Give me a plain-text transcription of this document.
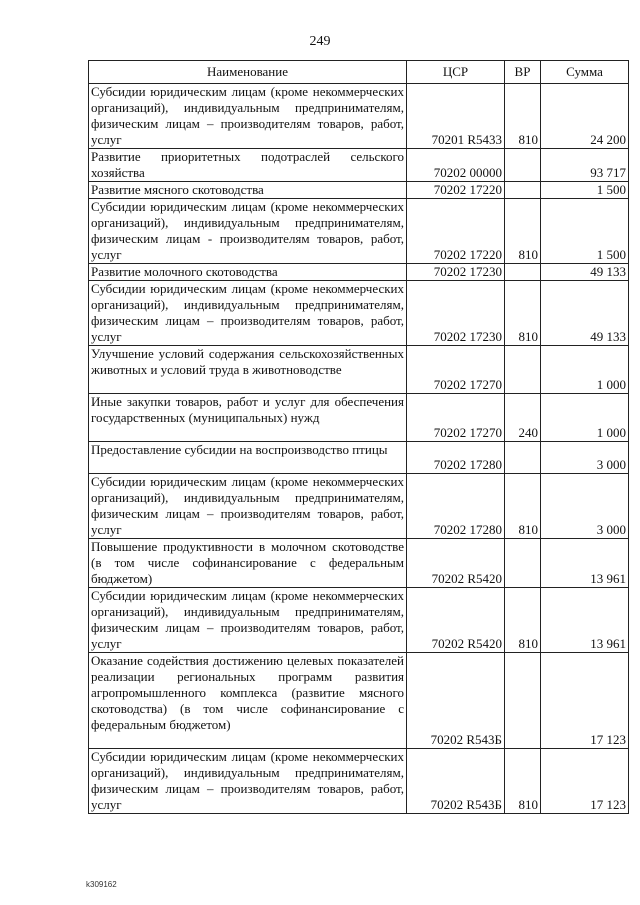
249
Наименование	ЦСР	ВР	Сумма
Субсидии юридическим лицам (кроме некоммерческих организаций), индивидуальным предпринимателям, физическим лицам – производителям товаров, работ, услуг	70201 R5433	810	24 200
Развитие приоритетных подотраслей сельского хозяйства	70202 00000		93 717
Развитие мясного скотоводства	70202 17220		1 500
Субсидии юридическим лицам (кроме некоммерческих организаций), индивидуальным предпринимателям, физическим лицам - производителям товаров, работ, услуг	70202 17220	810	1 500
Развитие молочного скотоводства	70202 17230		49 133
Субсидии юридическим лицам (кроме некоммерческих организаций), индивидуальным предпринимателям, физическим лицам – производителям товаров, работ, услуг	70202 17230	810	49 133
Улучшение условий содержания сельскохозяйственных животных и условий труда в животноводстве	70202 17270		1 000
Иные закупки товаров, работ и услуг для обеспечения государственных (муниципальных) нужд	70202 17270	240	1 000
Предоставление субсидии на воспроизводство птицы	70202 17280		3 000
Субсидии юридическим лицам (кроме некоммерческих организаций), индивидуальным предпринимателям, физическим лицам – производителям товаров, работ, услуг	70202 17280	810	3 000
Повышение продуктивности в молочном скотоводстве (в том числе софинансирование с федеральным бюджетом)	70202 R5420		13 961
Субсидии юридическим лицам (кроме некоммерческих организаций), индивидуальным предпринимателям, физическим лицам – производителям товаров, работ, услуг	70202 R5420	810	13 961
Оказание содействия достижению целевых показателей реализации региональных программ развития агропромышленного комплекса (развитие мясного скотоводства) (в том числе софинансирование с федеральным бюджетом)	70202 R543Б		17 123
Субсидии юридическим лицам (кроме некоммерческих организаций), индивидуальным предпринимателям, физическим лицам – производителям товаров, работ, услуг	70202 R543Б	810	17 123
k309162
